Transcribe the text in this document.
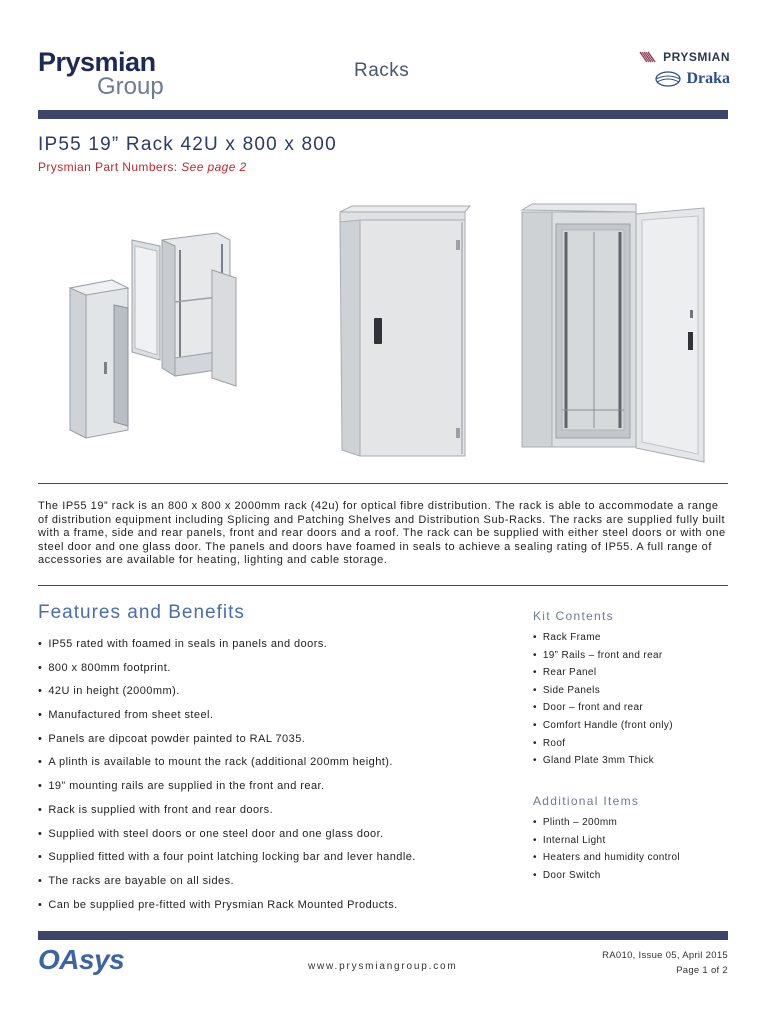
Prysmian
Group
Racks
PRYSMIAN
Draka
IP55 19” Rack 42U x 800 x 800
Prysmian Part Numbers: See page 2
The IP55 19” rack is an 800 x 800 x 2000mm rack (42u) for optical fibre distribution. The rack is able to accommodate a range of distribution equipment including Splicing and Patching Shelves and Distribution Sub-Racks. The racks are supplied fully built with a frame, side and rear panels, front and rear doors and a roof. The rack can be supplied with either steel doors or with one steel door and one glass door. The panels and doors have foamed in seals to achieve a sealing rating of IP55. A full range of accessories are available for heating, lighting and cable storage.
Features and Benefits
• IP55 rated with foamed in seals in panels and doors.
• 800 x 800mm footprint.
• 42U in height (2000mm).
• Manufactured from sheet steel.
• Panels are dipcoat powder painted to RAL 7035.
• A plinth is available to mount the rack (additional 200mm height).
• 19” mounting rails are supplied in the front and rear.
• Rack is supplied with front and rear doors.
• Supplied with steel doors or one steel door and one glass door.
• Supplied fitted with a four point latching locking bar and lever handle.
• The racks are bayable on all sides.
• Can be supplied pre-fitted with Prysmian Rack Mounted Products.
Kit Contents
• Rack Frame
• 19” Rails – front and rear
• Rear Panel
• Side Panels
• Door – front and rear
• Comfort Handle (front only)
• Roof
• Gland Plate 3mm Thick
Additional Items
• Plinth – 200mm
• Internal Light
• Heaters and humidity control
• Door Switch
OAsys	www.prysmiangroup.com
RA010, Issue 05, April 2015
Page 1 of 2
